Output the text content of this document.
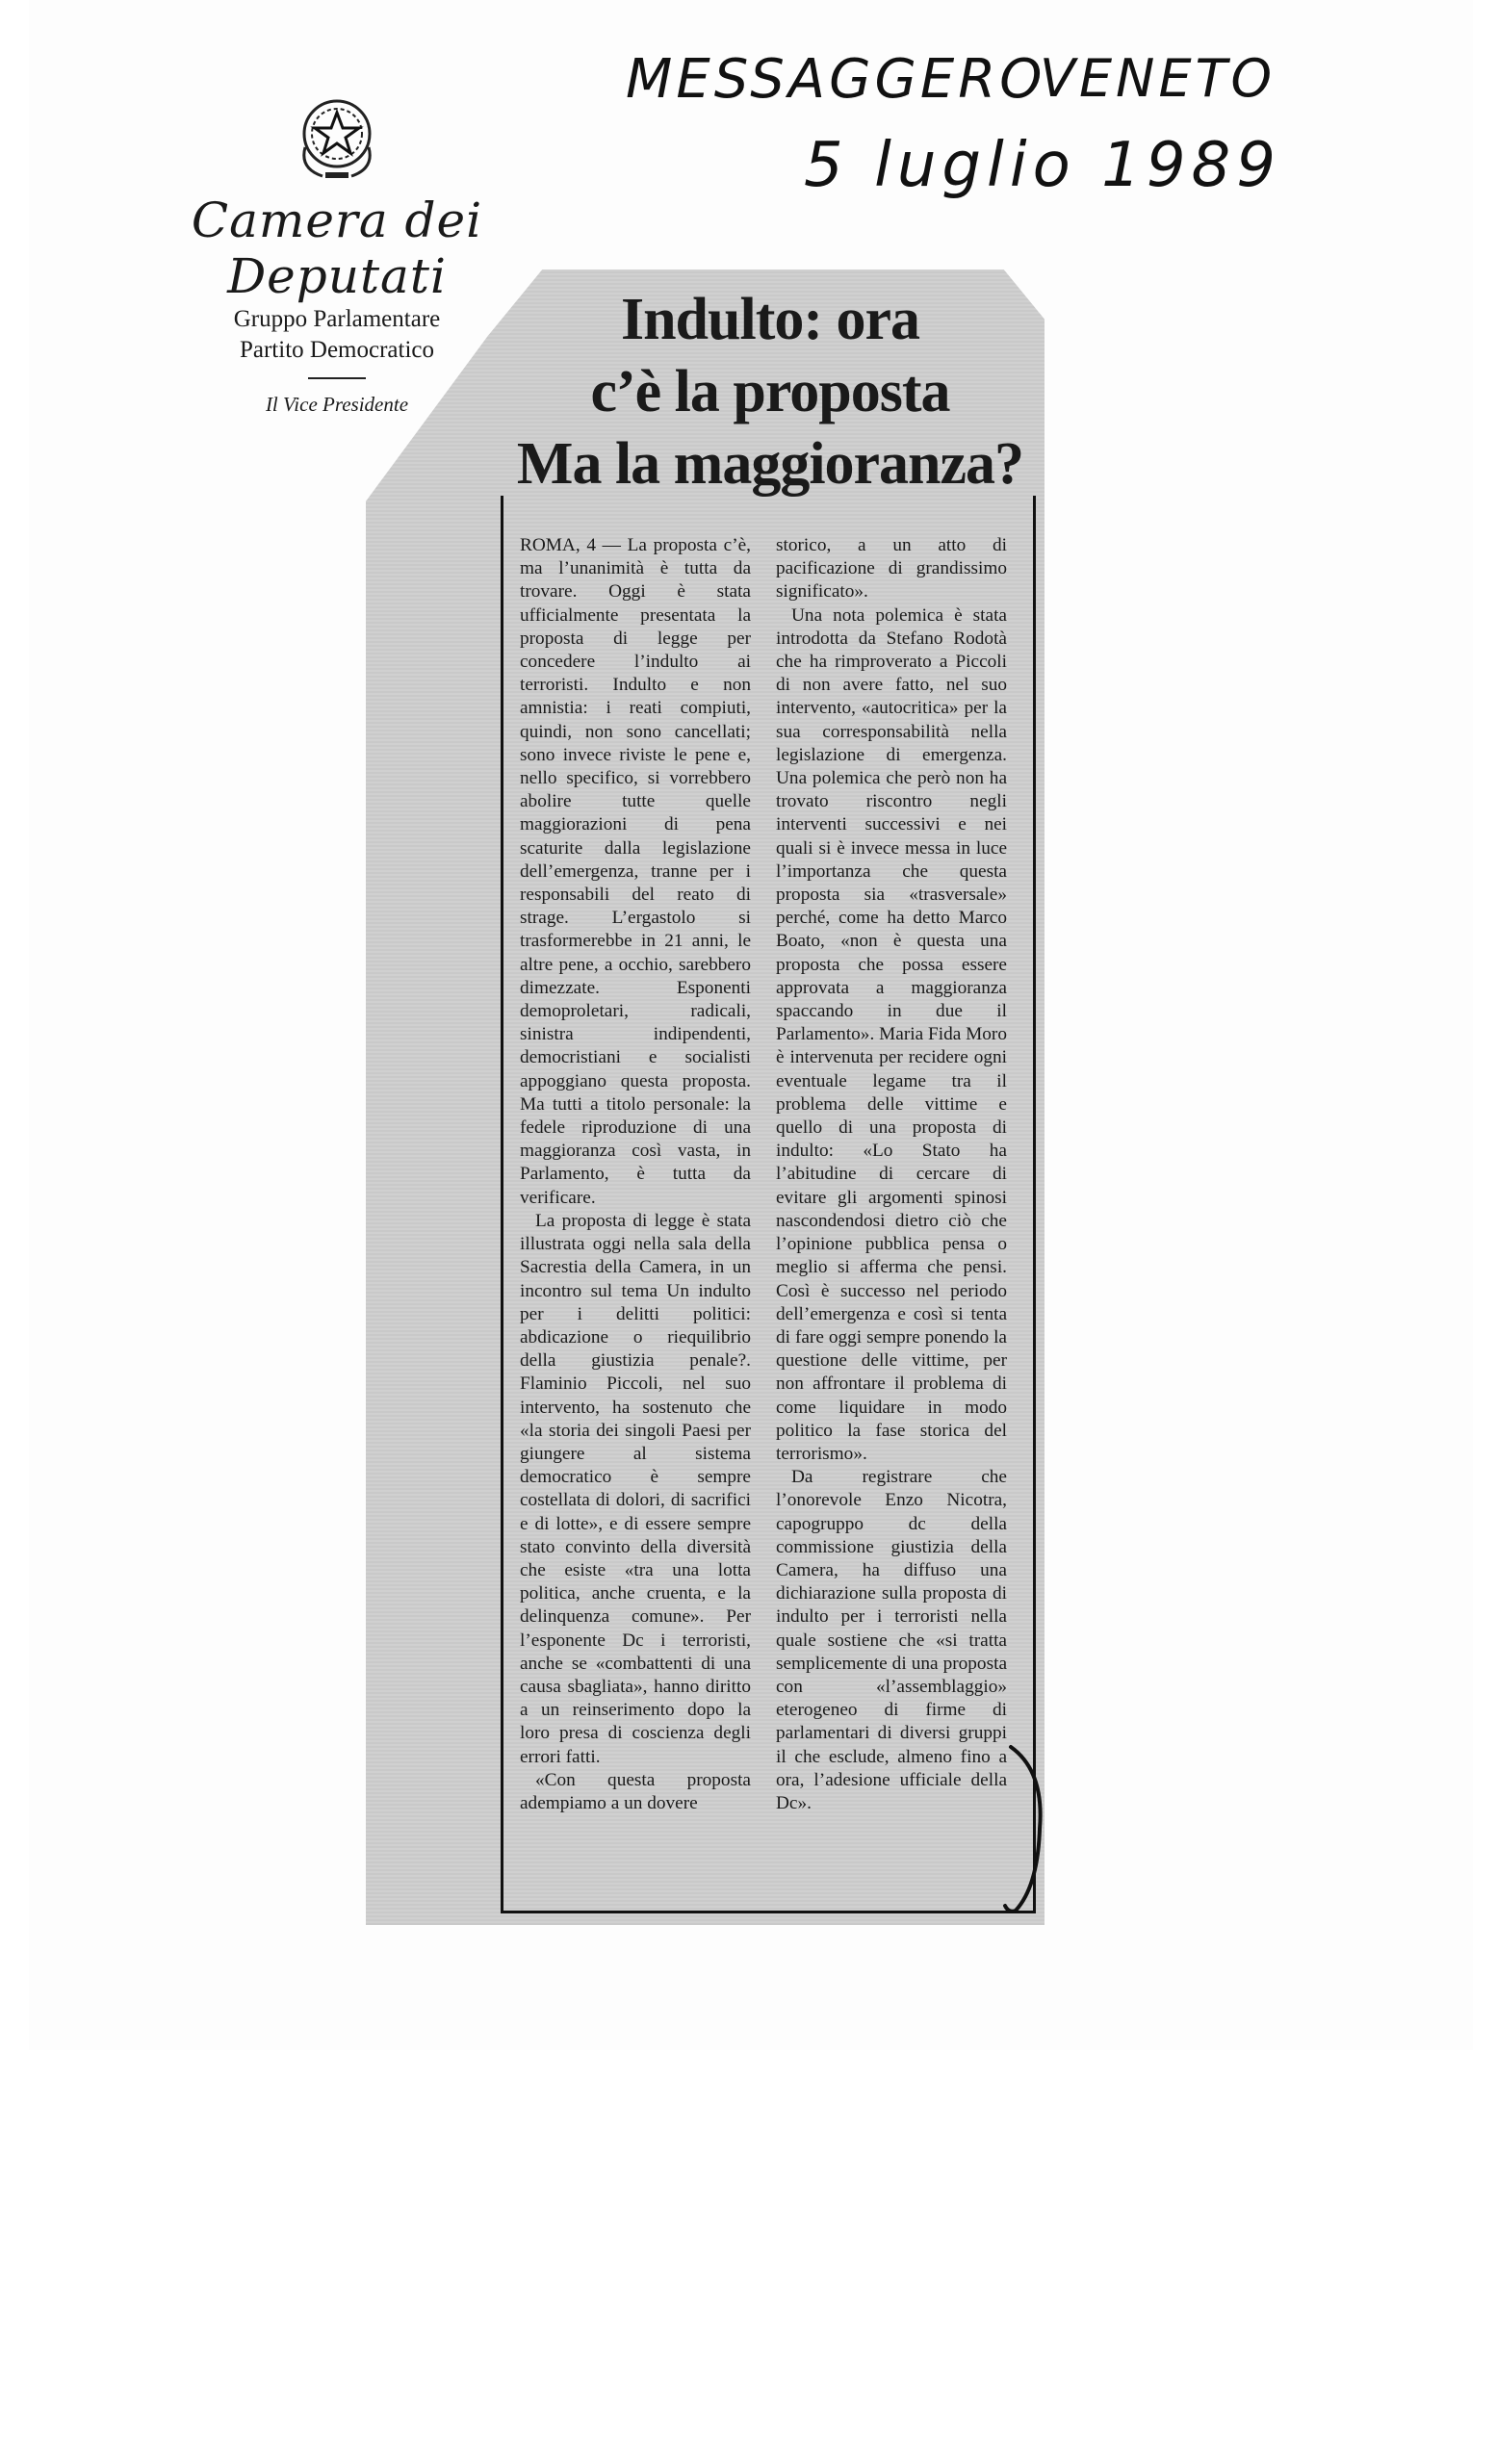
MESSAGGERO
VENETO
5 luglio 1989
Camera dei Deputati
Gruppo Parlamentare
Partito Democratico
Il Vice Presidente
Indulto: ora
c’è la proposta
Ma la maggioranza?

ROMA, 4 — La proposta c’è, ma l’unanimità è tutta da trovare. Oggi è stata ufficialmente presentata la proposta di legge per concedere l’indulto ai terroristi. Indulto e non amnistia: i reati compiuti, quindi, non sono cancellati; sono invece riviste le pene e, nello specifico, si vorrebbero abolire tutte quelle maggiorazioni di pena scaturite dalla legislazione dell’emergenza, tranne per i responsabili del reato di strage. L’ergastolo si trasformerebbe in 21 anni, le altre pene, a occhio, sarebbero dimezzate. Esponenti demoproletari, radicali, sinistra indipendenti, democristiani e socialisti appoggiano questa proposta. Ma tutti a titolo personale: la fedele riproduzione di una maggioranza così vasta, in Parlamento, è tutta da verificare.

La proposta di legge è stata illustrata oggi nella sala della Sacrestia della Camera, in un incontro sul tema Un indulto per i delitti politici: abdicazione o riequilibrio della giustizia penale?. Flaminio Piccoli, nel suo intervento, ha sostenuto che «la storia dei singoli Paesi per giungere al sistema democratico è sempre costellata di dolori, di sacrifici e di lotte», e di essere sempre stato convinto della diversità che esiste «tra una lotta politica, anche cruenta, e la delinquenza comune». Per l’esponente Dc i terroristi, anche se «combattenti di una causa sbagliata», hanno diritto a un reinserimento dopo la loro presa di coscienza degli errori fatti.

«Con questa proposta adempiamo a un dovere

storico, a un atto di pacificazione di grandissimo significato».

Una nota polemica è stata introdotta da Stefano Rodotà che ha rimproverato a Piccoli di non avere fatto, nel suo intervento, «autocritica» per la sua corresponsabilità nella legislazione di emergenza. Una polemica che però non ha trovato riscontro negli interventi successivi e nei quali si è invece messa in luce l’importanza che questa proposta sia «trasversale» perché, come ha detto Marco Boato, «non è questa una proposta che possa essere approvata a maggioranza spaccando in due il Parlamento». Maria Fida Moro è intervenuta per recidere ogni eventuale legame tra il problema delle vittime e quello di una proposta di indulto: «Lo Stato ha l’abitudine di cercare di evitare gli argomenti spinosi nascondendosi dietro ciò che l’opinione pubblica pensa o meglio si afferma che pensi. Così è successo nel periodo dell’emergenza e così si tenta di fare oggi sempre ponendo la questione delle vittime, per non affrontare il problema di come liquidare in modo politico la fase storica del terrorismo».

Da registrare che l’onorevole Enzo Nicotra, capogruppo dc della commissione giustizia della Camera, ha diffuso una dichiarazione sulla proposta di indulto per i terroristi nella quale sostiene che «si tratta semplicemente di una proposta con «l’assemblaggio» eterogeneo di firme di parlamentari di diversi gruppi il che esclude, almeno fino a ora, l’adesione ufficiale della Dc».
